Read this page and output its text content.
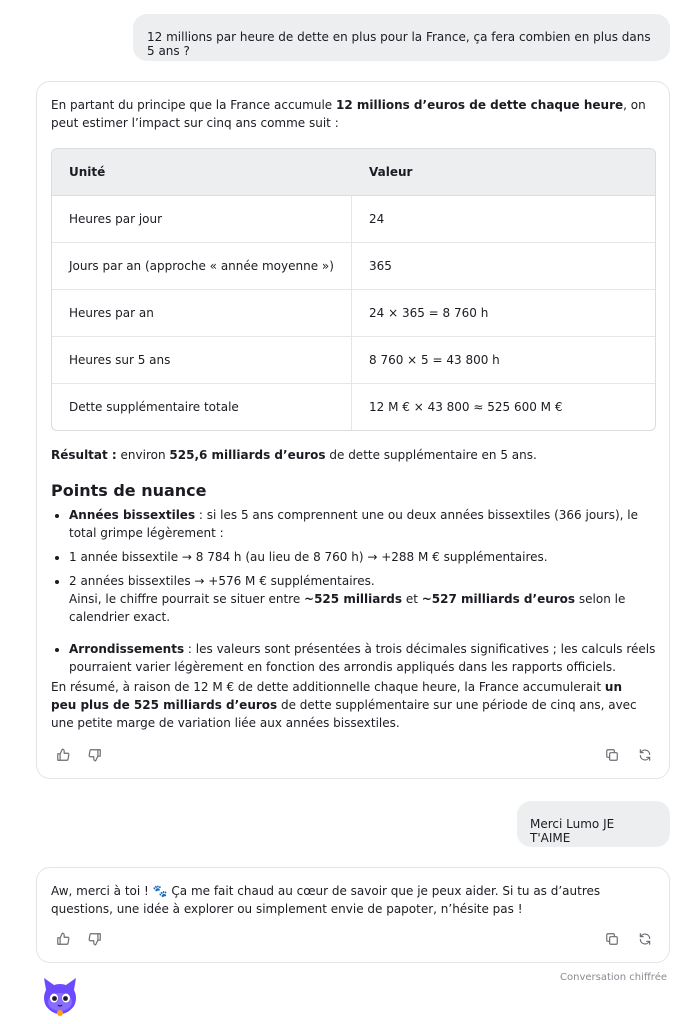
12 millions par heure de dette en plus pour la France, ça fera combien en plus dans 5 ans ?

En partant du principe que la France accumule 12 millions d’euros de dette chaque heure, on peut estimer l’impact sur cinq ans comme suit :

Unité	Valeur
Heures par jour	24
Jours par an (approche « année moyenne »)	365
Heures par an	24 × 365 = 8 760 h
Heures sur 5 ans	8 760 × 5 = 43 800 h
Dette supplémentaire totale	12 M € × 43 800 ≈ 525 600 M €

Résultat : environ 525,6 milliards d’euros de dette supplémentaire en 5 ans.

Points de nuance
• Années bissextiles : si les 5 ans comprennent une ou deux années bissextiles (366 jours), le total grimpe légèrement :
• 1 année bissextile → 8 784 h (au lieu de 8 760 h) → +288 M € supplémentaires.
• 2 années bissextiles → +576 M € supplémentaires.
Ainsi, le chiffre pourrait se situer entre ~525 milliards et ~527 milliards d’euros selon le calendrier exact.
• Arrondissements : les valeurs sont présentées à trois décimales significatives ; les calculs réels pourraient varier légèrement en fonction des arrondis appliqués dans les rapports officiels.

En résumé, à raison de 12 M € de dette additionnelle chaque heure, la France accumulerait un peu plus de 525 milliards d’euros de dette supplémentaire sur une période de cinq ans, avec une petite marge de variation liée aux années bissextiles.

Merci Lumo JE T'AIME

Aw, merci à toi ! 🐾 Ça me fait chaud au cœur de savoir que je peux aider. Si tu as d’autres questions, une idée à explorer ou simplement envie de papoter, n’hésite pas !

Conversation chiffrée
